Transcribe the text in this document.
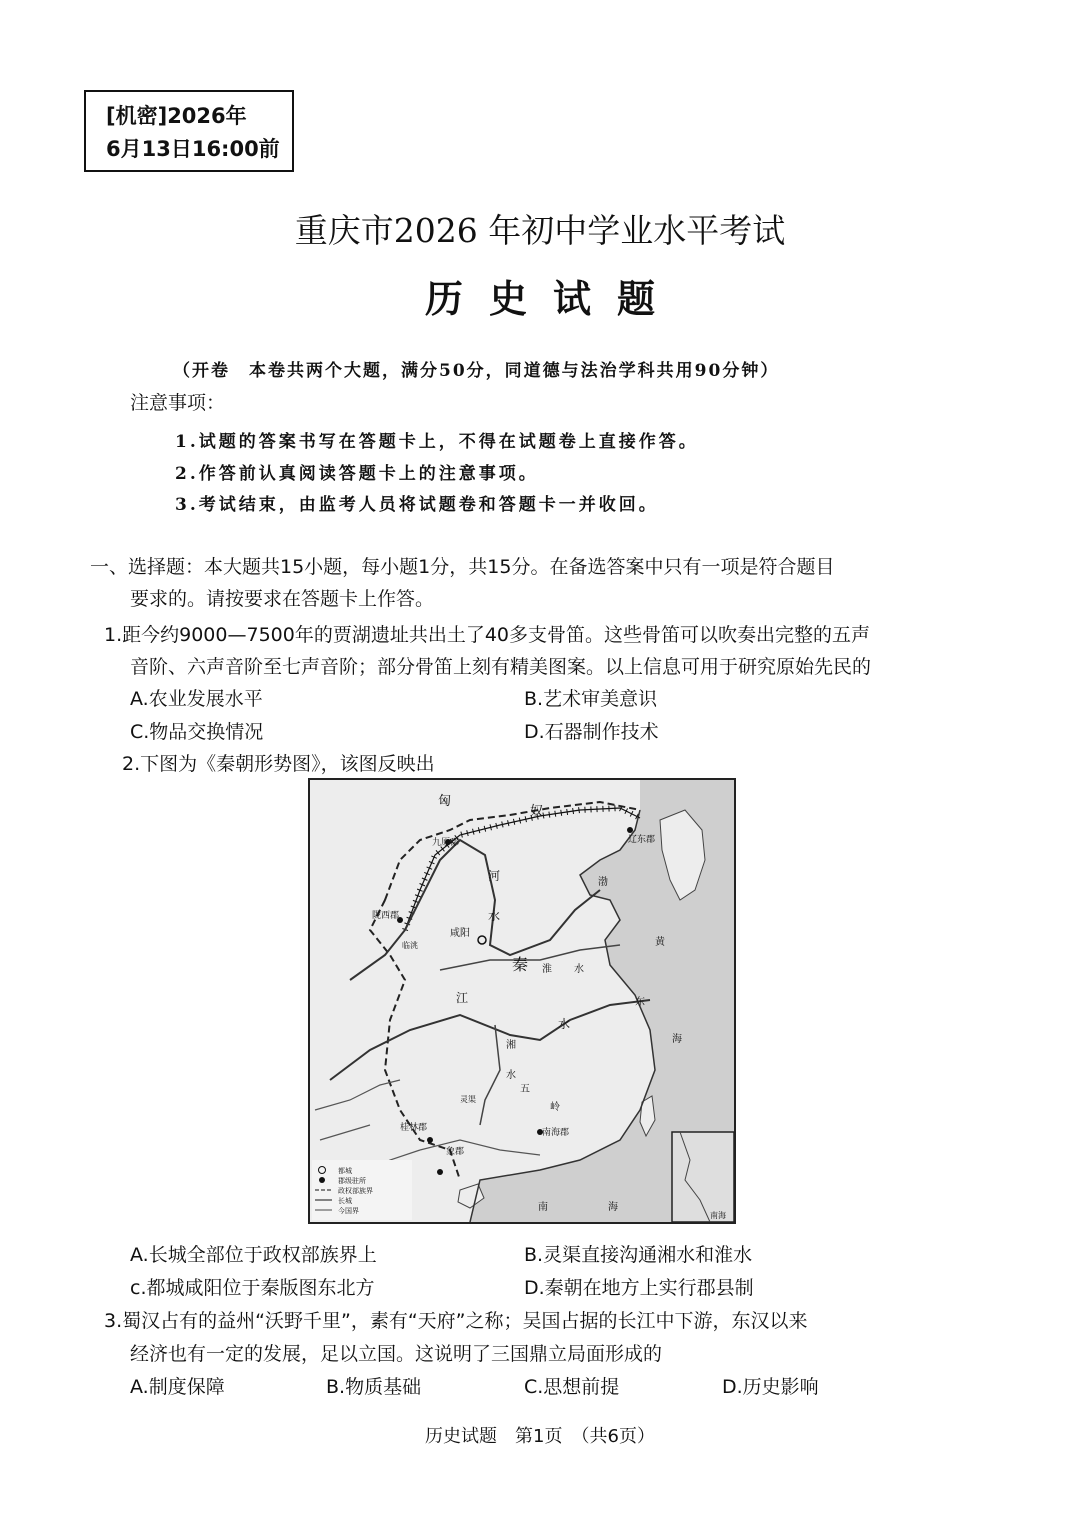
[机密]2026年
6月13日16:00前
重庆市2026 年初中学业水平考试
历史试题
（开卷　本卷共两个大题，满分50分，同道德与法治学科共用90分钟）
注意事项：
1.试题的答案书写在答题卡上，不得在试题卷上直接作答。
2.作答前认真阅读答题卡上的注意事项。
3.考试结束，由监考人员将试题卷和答题卡一并收回。
一、选择题：本大题共15小题，每小题1分，共15分。在备选答案中只有一项是符合题目
要求的。请按要求在答题卡上作答。
1.距今约9000—7500年的贾湖遗址共出土了40多支骨笛。这些骨笛可以吹奏出完整的五声
音阶、六声音阶至七声音阶；部分骨笛上刻有精美图案。以上信息可用于研究原始先民的
A.农业发展水平	B.艺术审美意识
C.物品交换情况	D.石器制作技术
2.下图为《秦朝形势图》，该图反映出
匈
奴
辽东郡
九原郡
陇西郡
咸阳
临洮
河
水
秦 淮 水
江
水
湘
水
五
岭
灵渠
桂林郡	南海郡
象郡
渤
黄
东
海
南	海
南海
都城
郡级驻所
政权部族界
长城
今国界
A.长城全部位于政权部族界上	B.灵渠直接沟通湘水和淮水
c.都城咸阳位于秦版图东北方	D.秦朝在地方上实行郡县制
3.蜀汉占有的益州“沃野千里”，素有“天府”之称；吴国占据的长江中下游，东汉以来
经济也有一定的发展，足以立国。这说明了三国鼎立局面形成的
A.制度保障	B.物质基础	C.思想前提	D.历史影响
历史试题　第1页　（共6页）
